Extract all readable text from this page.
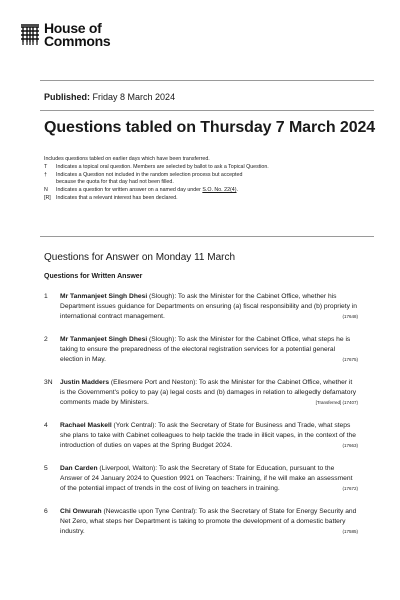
House of
Commons
Published: Friday 8 March 2024
Questions tabled on Thursday 7 March 2024
Includes questions tabled on earlier days which have been transferred.
T	Indicates a topical oral question. Members are selected by ballot to ask a Topical Question.
†	Indicates a Question not included in the random selection process but accepted because the quota for that day had not been filled.
N	Indicates a question for written answer on a named day under S.O. No. 22(4).
[R] Indicates that a relevant interest has been declared.
Questions for Answer on Monday 11 March
Questions for Written Answer
1	Mr Tanmanjeet Singh Dhesi (Slough): To ask the Minister for the Cabinet Office, whether his Department issues guidance for Departments on ensuring (a) fiscal responsibility and (b) propriety in international contract management.	(17648)
2	Mr Tanmanjeet Singh Dhesi (Slough): To ask the Minister for the Cabinet Office, what steps he is taking to ensure the preparedness of the electoral registration services for a potential general election in May.	(17675)
3N	Justin Madders (Ellesmere Port and Neston): To ask the Minister for the Cabinet Office, whether it is the Government's policy to pay (a) legal costs and (b) damages in relation to allegedly defamatory comments made by Ministers.	[Transferred] (17407)
4	Rachael Maskell (York Central): To ask the Secretary of State for Business and Trade, what steps she plans to take with Cabinet colleagues to help tackle the trade in illicit vapes, in the context of the introduction of duties on vapes at the Spring Budget 2024.	(17663)
5	Dan Carden (Liverpool, Walton): To ask the Secretary of State for Education, pursuant to the Answer of 24 January 2024 to Question 9921 on Teachers: Training, if he will make an assessment of the potential impact of trends in the cost of living on teachers in training.	(17672)
6	Chi Onwurah (Newcastle upon Tyne Central): To ask the Secretary of State for Energy Security and Net Zero, what steps her Department is taking to promote the development of a domestic battery industry.	(17585)
